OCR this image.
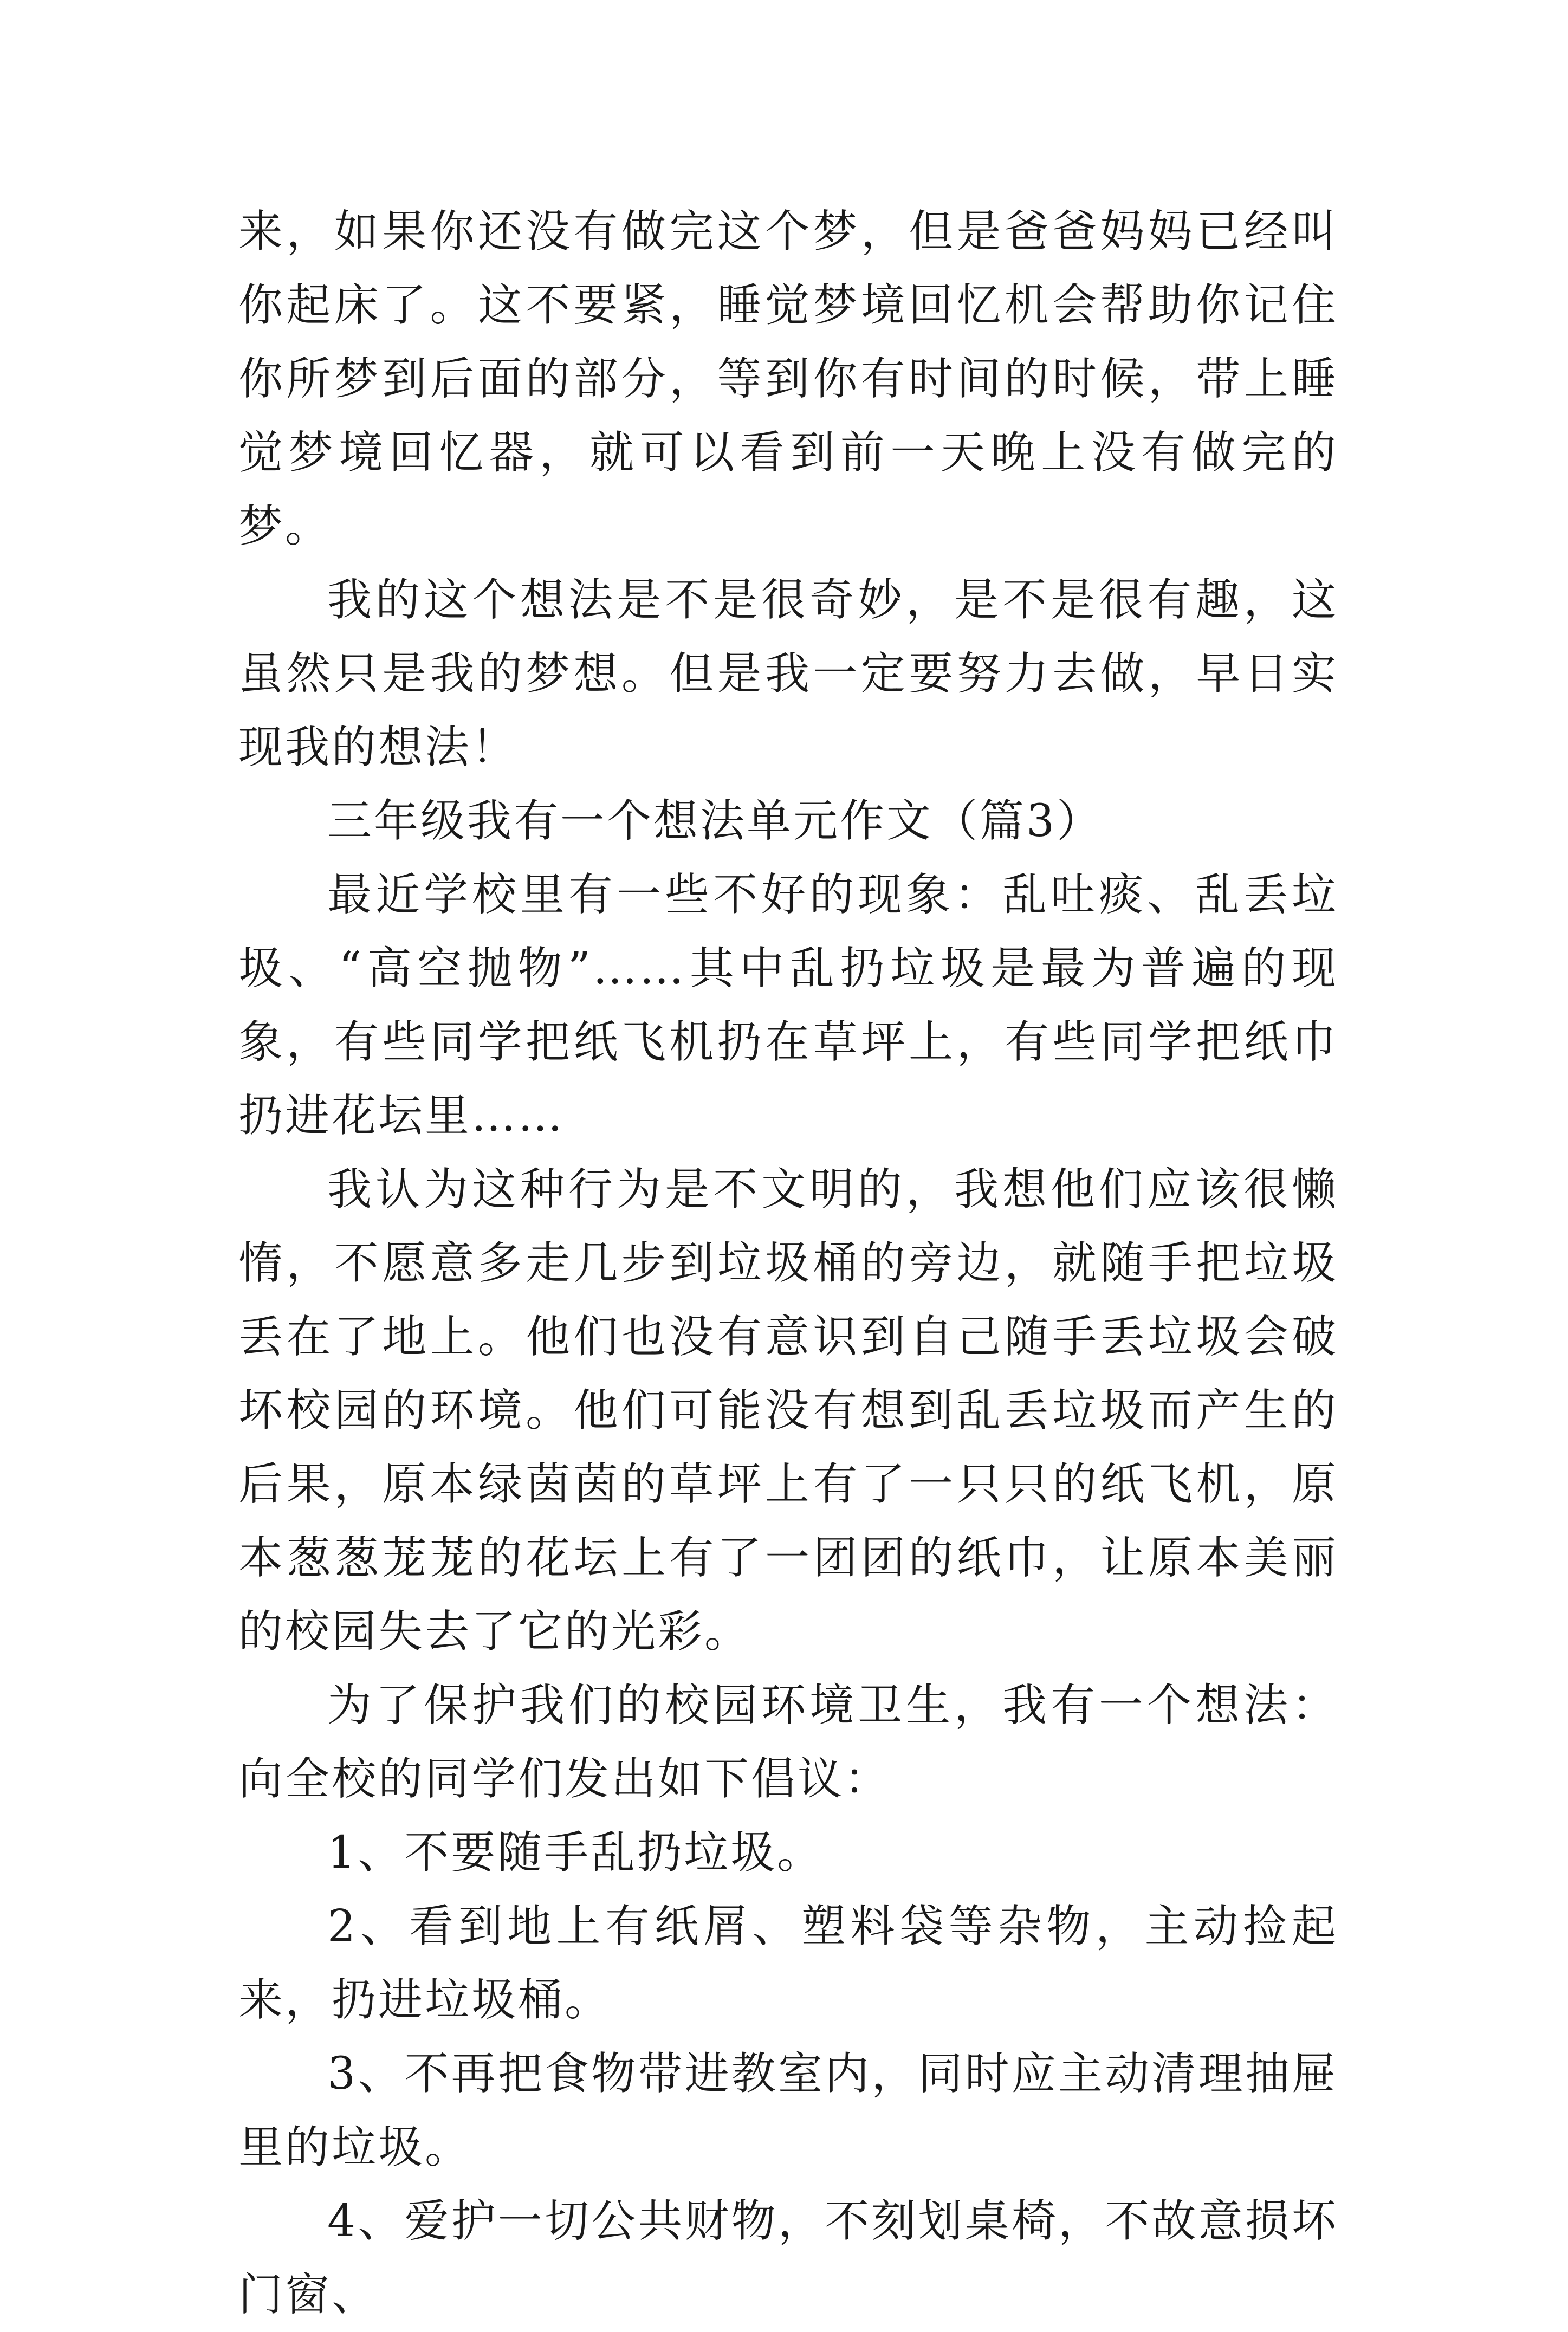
来，如果你还没有做完这个梦，但是爸爸妈妈已经叫你起床了。这不要紧，睡觉梦境回忆机会帮助你记住你所梦到后面的部分，等到你有时间的时候，带上睡觉梦境回忆器，就可以看到前一天晚上没有做完的梦。

我的这个想法是不是很奇妙，是不是很有趣，这虽然只是我的梦想。但是我一定要努力去做，早日实现我的想法！

三年级我有一个想法单元作文（篇3）

最近学校里有一些不好的现象：乱吐痰、乱丢垃圾、“高空抛物”……其中乱扔垃圾是最为普遍的现象，有些同学把纸飞机扔在草坪上，有些同学把纸巾扔进花坛里……

我认为这种行为是不文明的，我想他们应该很懒惰，不愿意多走几步到垃圾桶的旁边，就随手把垃圾丢在了地上。他们也没有意识到自己随手丢垃圾会破坏校园的环境。他们可能没有想到乱丢垃圾而产生的后果，原本绿茵茵的草坪上有了一只只的纸飞机，原本葱葱茏茏的花坛上有了一团团的纸巾，让原本美丽的校园失去了它的光彩。

为了保护我们的校园环境卫生，我有一个想法：向全校的同学们发出如下倡议：

1、不要随手乱扔垃圾。

2、看到地上有纸屑、塑料袋等杂物，主动捡起来，扔进垃圾桶。

3、不再把食物带进教室内，同时应主动清理抽屉里的垃圾。

4、爱护一切公共财物，不刻划桌椅，不故意损坏门窗、
